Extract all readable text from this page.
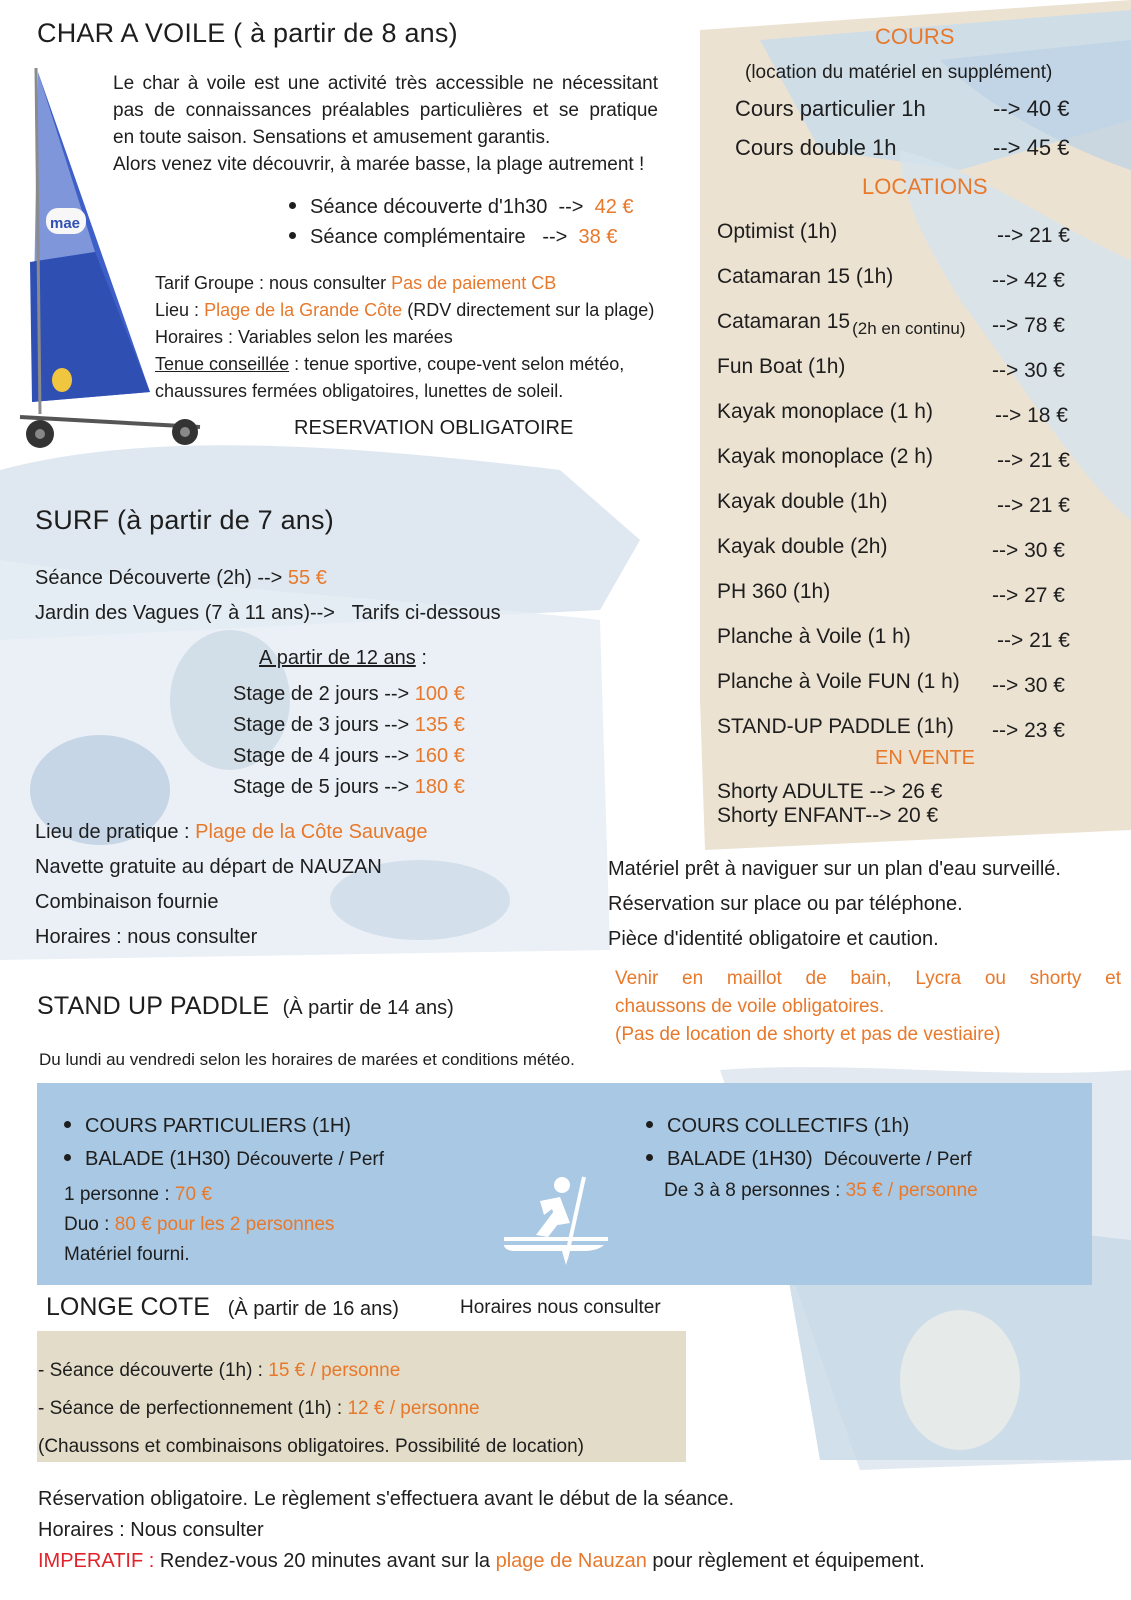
mae
CHAR A VOILE ( à partir de 8 ans)
Le char à voile est une activité très accessible ne nécessitant
pas de connaissances préalables particulières et se pratique
en toute saison. Sensations et amusement garantis.
Alors venez vite découvrir, à marée basse, la plage autrement !
Séance découverte d'1h30 --> 42 €
Séance complémentaire --> 38 €
Tarif Groupe : nous consulter Pas de paiement CB
Lieu : Plage de la Grande Côte (RDV directement sur la plage)
Horaires : Variables selon les marées
Tenue conseillée : tenue sportive, coupe-vent selon météo,
chaussures fermées obligatoires, lunettes de soleil.
RESERVATION OBLIGATOIRE
SURF (à partir de 7 ans)
Séance Découverte (2h) --> 55 €
Jardin des Vagues (7 à 11 ans)--> Tarifs ci-dessous
A partir de 12 ans :
Stage de 2 jours --> 100 €
Stage de 3 jours --> 135 €
Stage de 4 jours --> 160 €
Stage de 5 jours --> 180 €
Lieu de pratique : Plage de la Côte Sauvage
Navette gratuite au départ de NAUZAN
Combinaison fournie
Horaires : nous consulter
COURS
(location du matériel en supplément)
Cours particulier 1h	--> 40 €
Cours double 1h	--> 45 €
LOCATIONS
Optimist (1h)	--> 21 €
Catamaran 15 (1h)	--> 42 €
Catamaran 15 $_{(2h en continu)}$ --> 78 €
Fun Boat (1h)	--> 30 €
Kayak monoplace (1 h)	--> 18 €
Kayak monoplace (2 h)	--> 21 €
Kayak double (1h)	--> 21 €
Kayak double (2h)	--> 30 €
PH 360 (1h)	--> 27 €
Planche à Voile (1 h)	--> 21 €
Planche à Voile FUN (1 h) --> 30 €
STAND-UP PADDLE (1h) --> 23 €
EN VENTE
Shorty ADULTE --> 26 €
Shorty ENFANT--> 20 €
Matériel prêt à naviguer sur un plan d'eau surveillé.
Réservation sur place ou par téléphone.
Pièce d'identité obligatoire et caution.
Venir en maillot de bain, Lycra ou shorty et
chaussons de voile obligatoires.
(Pas de location de shorty et pas de vestiaire)
STAND UP PADDLE (À partir de 14 ans)
Du lundi au vendredi selon les horaires de marées et conditions météo.
COURS PARTICULIERS (1H)
BALADE (1H30) Découverte / Perf
1 personne : 70 €
Duo : 80 € pour les 2 personnes
Matériel fourni.
COURS COLLECTIFS (1h)
BALADE (1H30) Découverte / Perf
De 3 à 8 personnes : 35 € / personne
LONGE COTE (À partir de 16 ans)	Horaires nous consulter
- Séance découverte (1h) : 15 € / personne
- Séance de perfectionnement (1h) : 12 € / personne
(Chaussons et combinaisons obligatoires. Possibilité de location)
Réservation obligatoire. Le règlement s'effectuera avant le début de la séance.
Horaires : Nous consulter
IMPERATIF : Rendez-vous 20 minutes avant sur la plage de Nauzan pour règlement et équipement.
